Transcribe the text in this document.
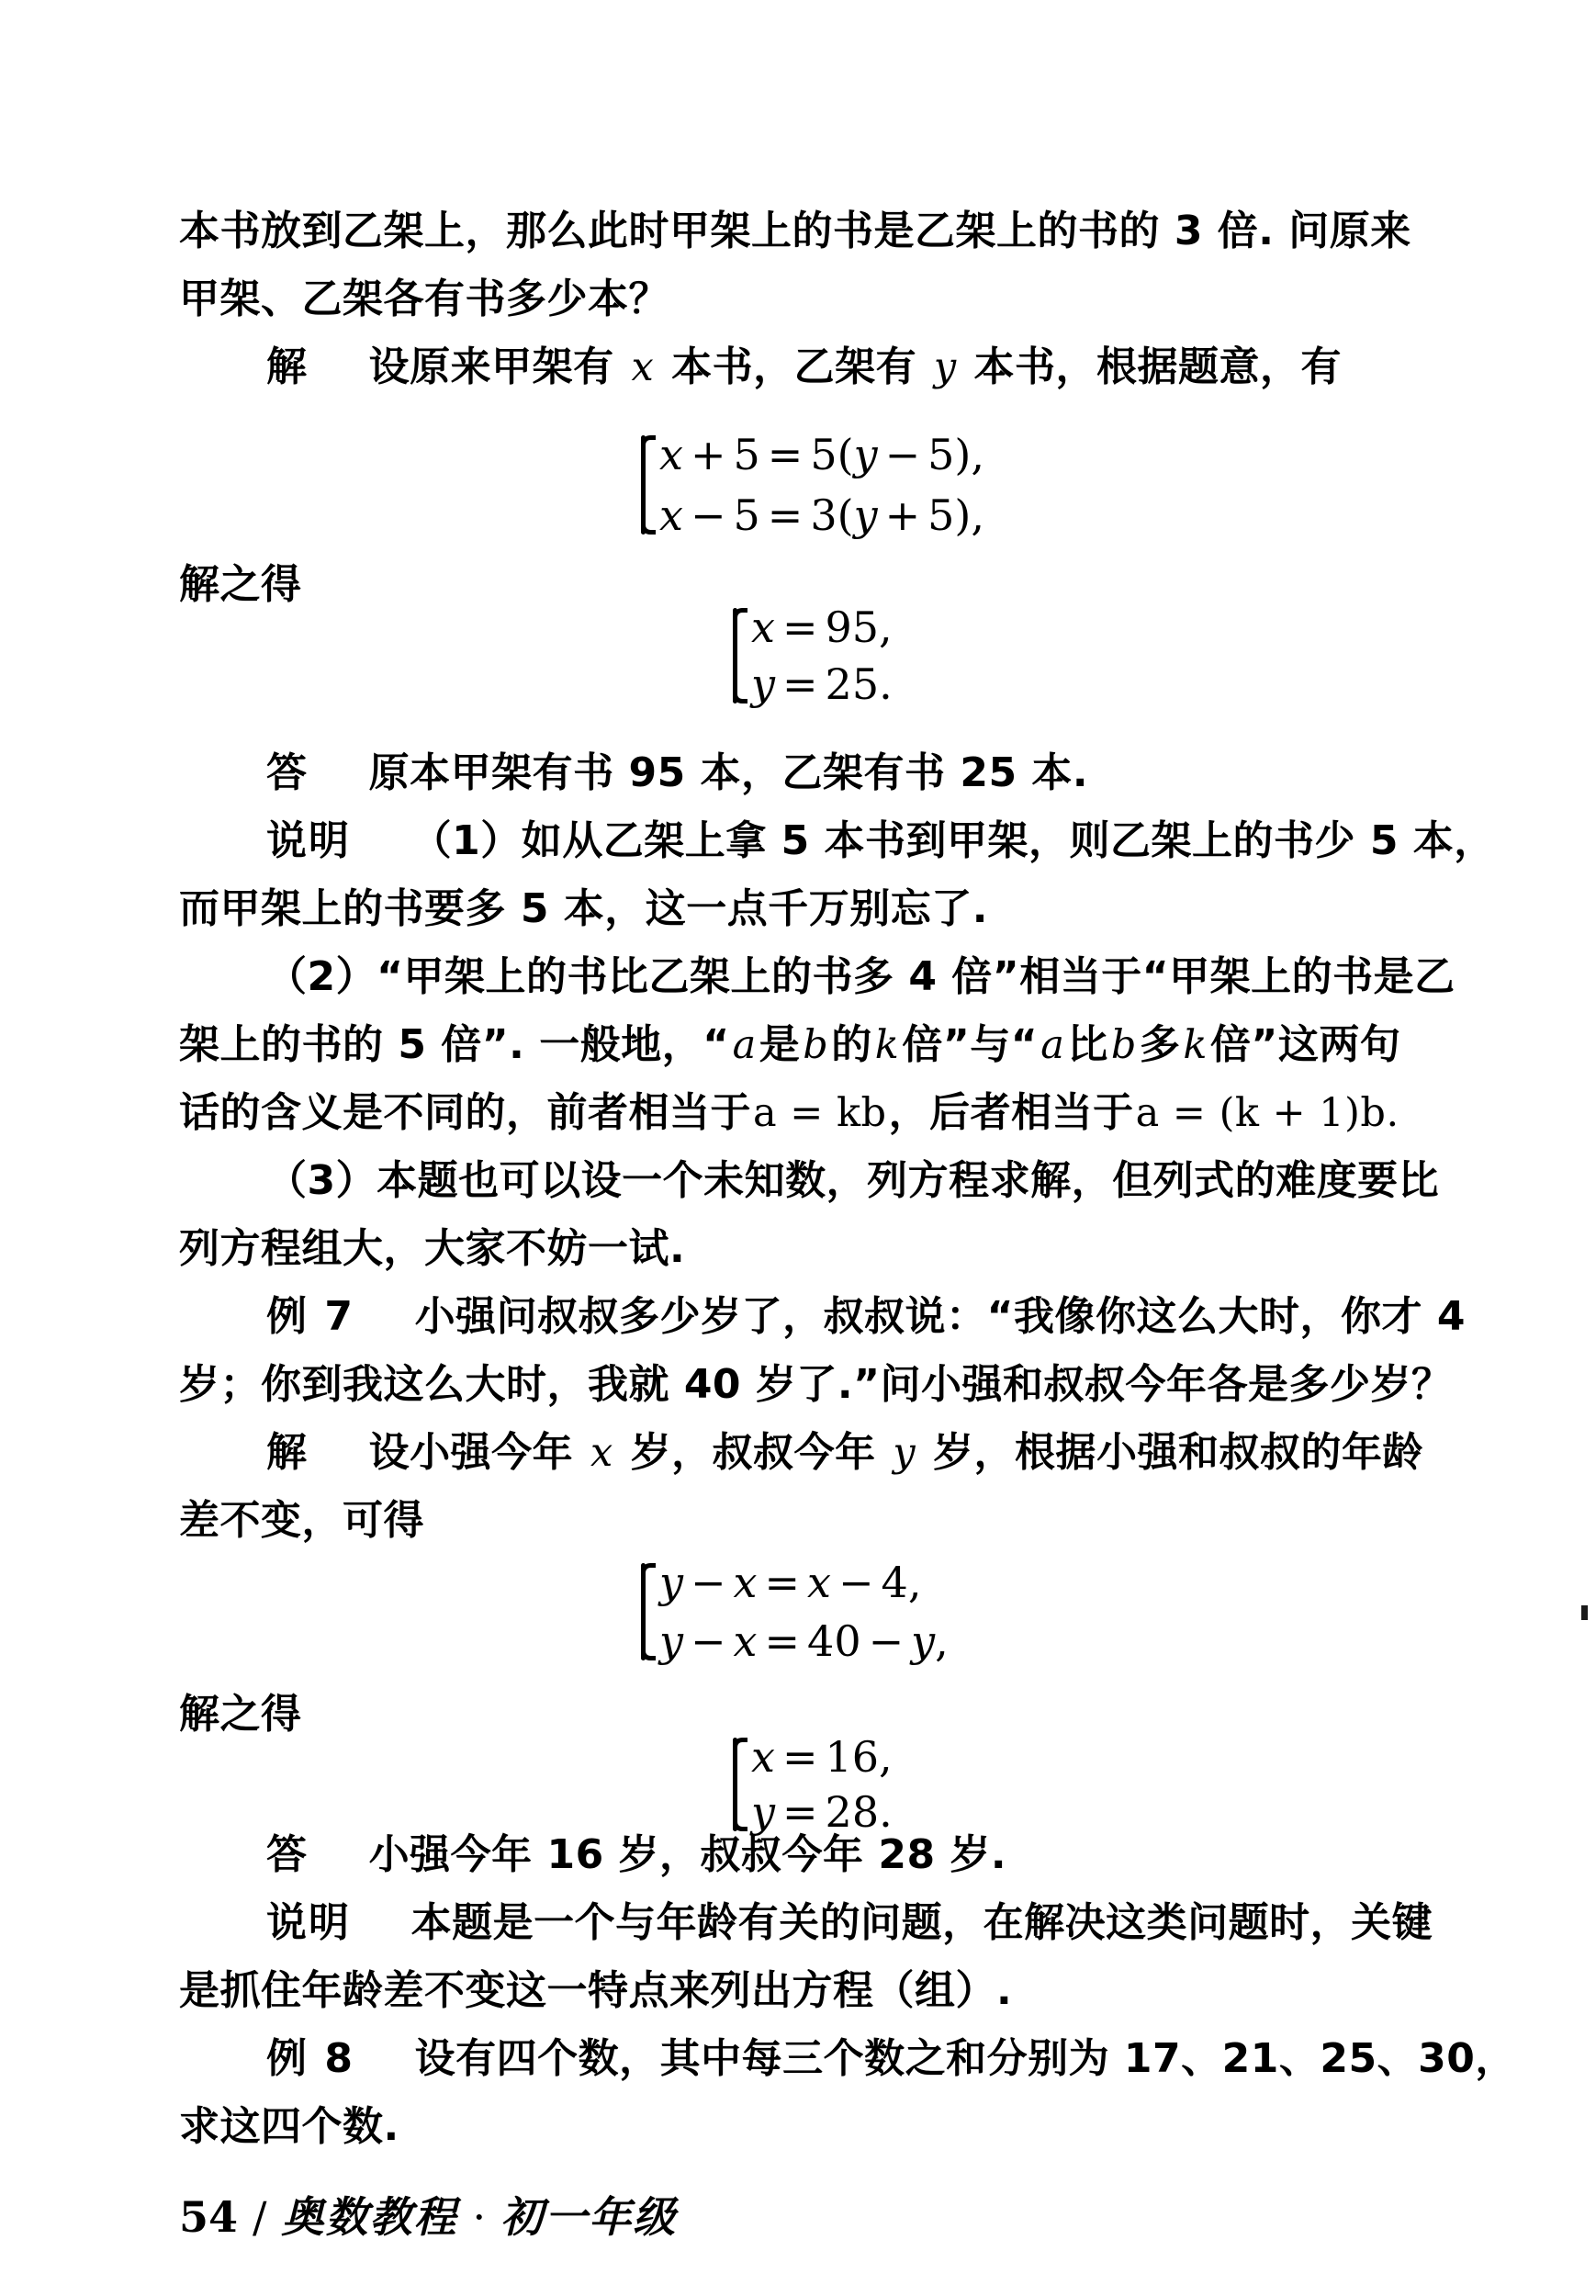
本书放到乙架上，那么此时甲架上的书是乙架上的书的 3 倍. 问原来
甲架、乙架各有书多少本？
解 设原来甲架有 x 本书，乙架有 y 本书，根据题意，有
x + 5 = 5(y − 5),
x − 5 = 3(y + 5),
解之得
x = 95,
y = 25.
答 原本甲架有书 95 本，乙架有书 25 本.
说明 （1）如从乙架上拿 5 本书到甲架，则乙架上的书少 5 本，
而甲架上的书要多 5 本，这一点千万别忘了.
（2）“甲架上的书比乙架上的书多 4 倍”相当于“甲架上的书是乙
架上的书的 5 倍”. 一般地，“a是b的k倍”与“a比b多k倍”这两句
话的含义是不同的，前者相当于a = kb，后者相当于a = (k + 1)b.
（3）本题也可以设一个未知数，列方程求解，但列式的难度要比
列方程组大，大家不妨一试.
例 7 小强问叔叔多少岁了，叔叔说：“我像你这么大时，你才 4
岁；你到我这么大时，我就 40 岁了.”问小强和叔叔今年各是多少岁？
解 设小强今年 x 岁，叔叔今年 y 岁，根据小强和叔叔的年龄
差不变，可得
y − x = x − 4,
y − x = 40 − y,
解之得
x = 16,
y = 28.
答 小强今年 16 岁，叔叔今年 28 岁.
说明 本题是一个与年龄有关的问题，在解决这类问题时，关键
是抓住年龄差不变这一特点来列出方程（组）.
例 8 设有四个数，其中每三个数之和分别为 17、21、25、30，
求这四个数.
54 / 奥数教程 · 初一年级
